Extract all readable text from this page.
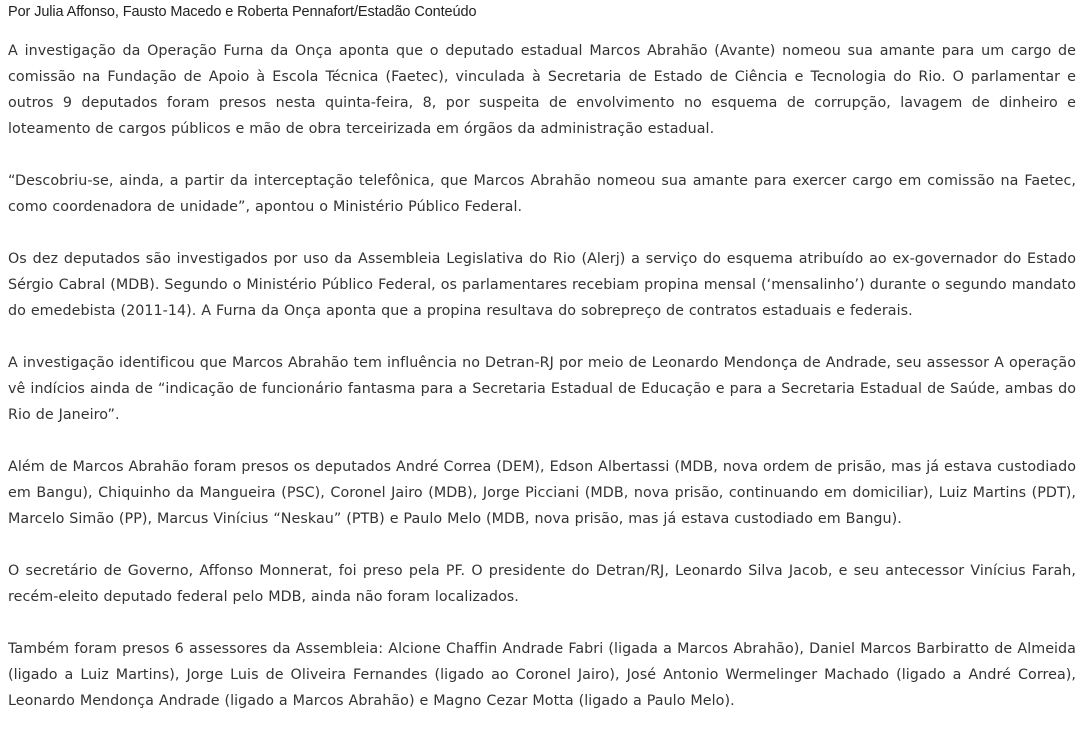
Por Julia Affonso, Fausto Macedo e Roberta Pennafort/Estadão Conteúdo

A investigação da Operação Furna da Onça aponta que o deputado estadual Marcos Abrahão (Avante) nomeou sua amante para um cargo de comissão na Fundação de Apoio à Escola Técnica (Faetec), vinculada à Secretaria de Estado de Ciência e Tecnologia do Rio. O parlamentar e outros 9 deputados foram presos nesta quinta-feira, 8, por suspeita de envolvimento no esquema de corrupção, lavagem de dinheiro e loteamento de cargos públicos e mão de obra terceirizada em órgãos da administração estadual.

“Descobriu-se, ainda, a partir da interceptação telefônica, que Marcos Abrahão nomeou sua amante para exercer cargo em comissão na Faetec, como coordenadora de unidade”, apontou o Ministério Público Federal.

Os dez deputados são investigados por uso da Assembleia Legislativa do Rio (Alerj) a serviço do esquema atribuído ao ex-governador do Estado Sérgio Cabral (MDB). Segundo o Ministério Público Federal, os parlamentares recebiam propina mensal (‘mensalinho’) durante o segundo mandato do emedebista (2011-14). A Furna da Onça aponta que a propina resultava do sobrepreço de contratos estaduais e federais.

A investigação identificou que Marcos Abrahão tem influência no Detran-RJ por meio de Leonardo Mendonça de Andrade, seu assessor A operação vê indícios ainda de “indicação de funcionário fantasma para a Secretaria Estadual de Educação e para a Secretaria Estadual de Saúde, ambas do Rio de Janeiro”.

Além de Marcos Abrahão foram presos os deputados André Correa (DEM), Edson Albertassi (MDB, nova ordem de prisão, mas já estava custodiado em Bangu), Chiquinho da Mangueira (PSC), Coronel Jairo (MDB), Jorge Picciani (MDB, nova prisão, continuando em domiciliar), Luiz Martins (PDT), Marcelo Simão (PP), Marcus Vinícius “Neskau” (PTB) e Paulo Melo (MDB, nova prisão, mas já estava custodiado em Bangu).

O secretário de Governo, Affonso Monnerat, foi preso pela PF. O presidente do Detran/RJ, Leonardo Silva Jacob, e seu antecessor Vinícius Farah, recém-eleito deputado federal pelo MDB, ainda não foram localizados.

Também foram presos 6 assessores da Assembleia: Alcione Chaffin Andrade Fabri (ligada a Marcos Abrahão), Daniel Marcos Barbiratto de Almeida (ligado a Luiz Martins), Jorge Luis de Oliveira Fernandes (ligado ao Coronel Jairo), José Antonio Wermelinger Machado (ligado a André Correa), Leonardo Mendonça Andrade (ligado a Marcos Abrahão) e Magno Cezar Motta (ligado a Paulo Melo).
